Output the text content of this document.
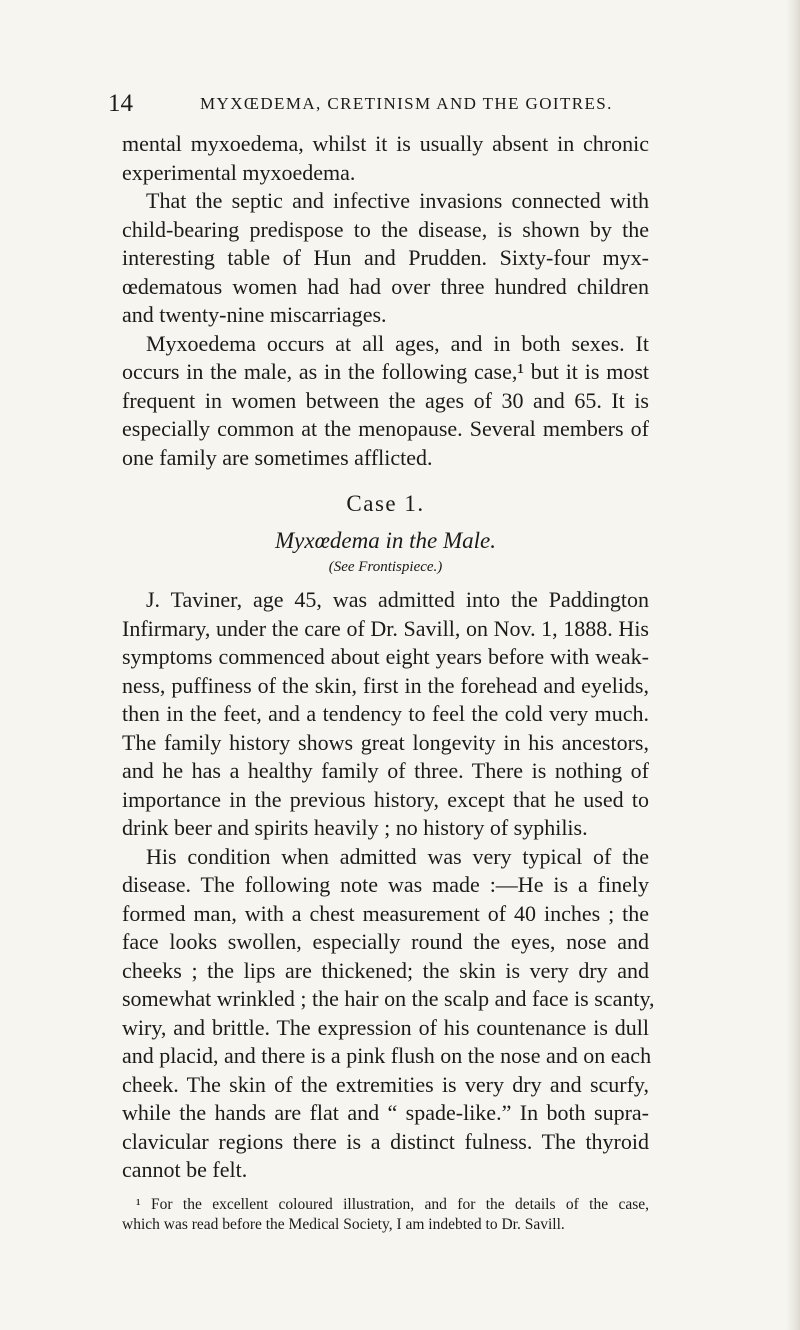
14	MYXŒDEMA, CRETINISM AND THE GOITRES.
mental myxoedema, whilst it is usually absent in chronic
experimental myxoedema.
That the septic and infective invasions connected with
child-bearing predispose to the disease, is shown by the
interesting table of Hun and Prudden. Sixty-four myx-
œdematous women had had over three hundred children
and twenty-nine miscarriages.
Myxoedema occurs at all ages, and in both sexes. It
occurs in the male, as in the following case,¹ but it is most
frequent in women between the ages of 30 and 65. It is
especially common at the menopause. Several members of
one family are sometimes afflicted.
Case 1.
Myxœdema in the Male.
(See Frontispiece.)
J. Taviner, age 45, was admitted into the Paddington
Infirmary, under the care of Dr. Savill, on Nov. 1, 1888. His
symptoms commenced about eight years before with weak-
ness, puffiness of the skin, first in the forehead and eyelids,
then in the feet, and a tendency to feel the cold very much.
The family history shows great longevity in his ancestors,
and he has a healthy family of three. There is nothing of
importance in the previous history, except that he used to
drink beer and spirits heavily ; no history of syphilis.
His condition when admitted was very typical of the
disease. The following note was made :—He is a finely
formed man, with a chest measurement of 40 inches ; the
face looks swollen, especially round the eyes, nose and
cheeks ; the lips are thickened; the skin is very dry and
somewhat wrinkled ; the hair on the scalp and face is scanty,
wiry, and brittle. The expression of his countenance is dull
and placid, and there is a pink flush on the nose and on each
cheek. The skin of the extremities is very dry and scurfy,
while the hands are flat and “ spade-like.” In both supra-
clavicular regions there is a distinct fulness. The thyroid
cannot be felt.
¹ For the excellent coloured illustration, and for the details of the case,
which was read before the Medical Society, I am indebted to Dr. Savill.
